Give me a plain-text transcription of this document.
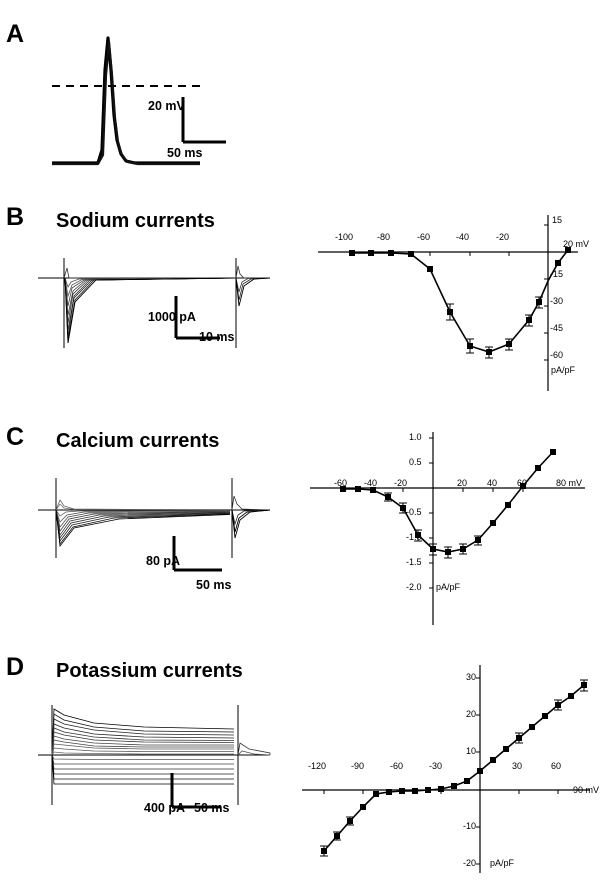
A
20 mV
50 ms
B Sodium currents
1000 pA
10 ms
-100	-80	-60	-40	-20
20 mV
15
-15
-30
-45
-60
pA/pF
C Calcium currents
80 pA
50 ms
-60 -40 -20	20 40 60	80 mV
1.0
0.5
-0.5
-1.0
-1.5
-2.0 pA/pF
D Potassium currents
400 pA 50 ms
-120	-90	-60	-30	30	60
90 mV
30
20
10
-10
-20 pA/pF
